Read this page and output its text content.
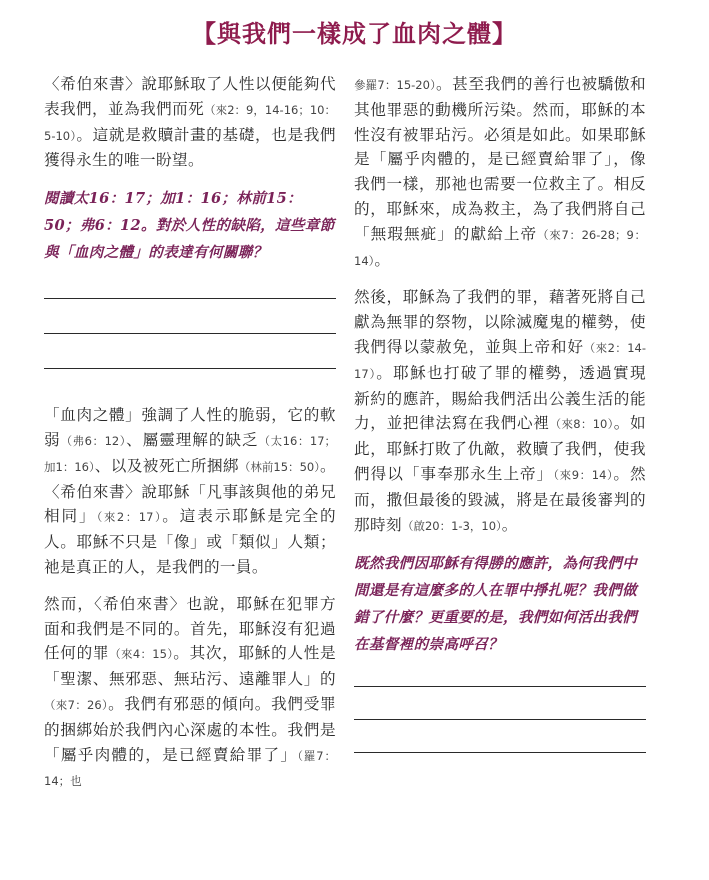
【與我們一樣成了血肉之體】

〈希伯來書〉說耶穌取了人性以便能夠代表我們，並為我們而死（來2：9，14-16；10：5-10）。這就是救贖計畫的基礎，也是我們獲得永生的唯一盼望。

閱讀太16：17；加1：16；林前15：50；弗6：12。對於人性的缺陷，這些章節與「血肉之體」的表達有何關聯？

「血肉之體」強調了人性的脆弱，它的軟弱（弗6：12）、屬靈理解的缺乏（太16：17；加1：16）、以及被死亡所捆綁（林前15：50）。〈希伯來書〉說耶穌「凡事該與他的弟兄相同」（來2：17）。這表示耶穌是完全的人。耶穌不只是「像」或「類似」人類；祂是真正的人，是我們的一員。

然而，〈希伯來書〉也說，耶穌在犯罪方面和我們是不同的。首先，耶穌沒有犯過任何的罪（來4：15）。其次，耶穌的人性是「聖潔、無邪惡、無玷污、遠離罪人」的（來7：26）。我們有邪惡的傾向。我們受罪的捆綁始於我們內心深處的本性。我們是「屬乎肉體的，是已經賣給罪了」（羅7：14；也

參羅7：15-20）。甚至我們的善行也被驕傲和其他罪惡的動機所污染。然而，耶穌的本性沒有被罪玷污。必須是如此。如果耶穌是「屬乎肉體的，是已經賣給罪了」，像我們一樣，那祂也需要一位救主了。相反的，耶穌來，成為救主，為了我們將自己「無瑕無疵」的獻給上帝（來7：26-28；9：14）。

然後，耶穌為了我們的罪，藉著死將自己獻為無罪的祭物，以除滅魔鬼的權勢，使我們得以蒙赦免，並與上帝和好（來2：14-17）。耶穌也打破了罪的權勢，透過實現新約的應許，賜給我們活出公義生活的能力，並把律法寫在我們心裡（來8：10）。如此，耶穌打敗了仇敵，救贖了我們，使我們得以「事奉那永生上帝」（來9：14）。然而，撒但最後的毀滅，將是在最後審判的那時刻（啟20：1-3，10）。

既然我們因耶穌有得勝的應許，為何我們中間還是有這麼多的人在罪中掙扎呢？我們做錯了什麼？更重要的是，我們如何活出我們在基督裡的崇高呼召？
